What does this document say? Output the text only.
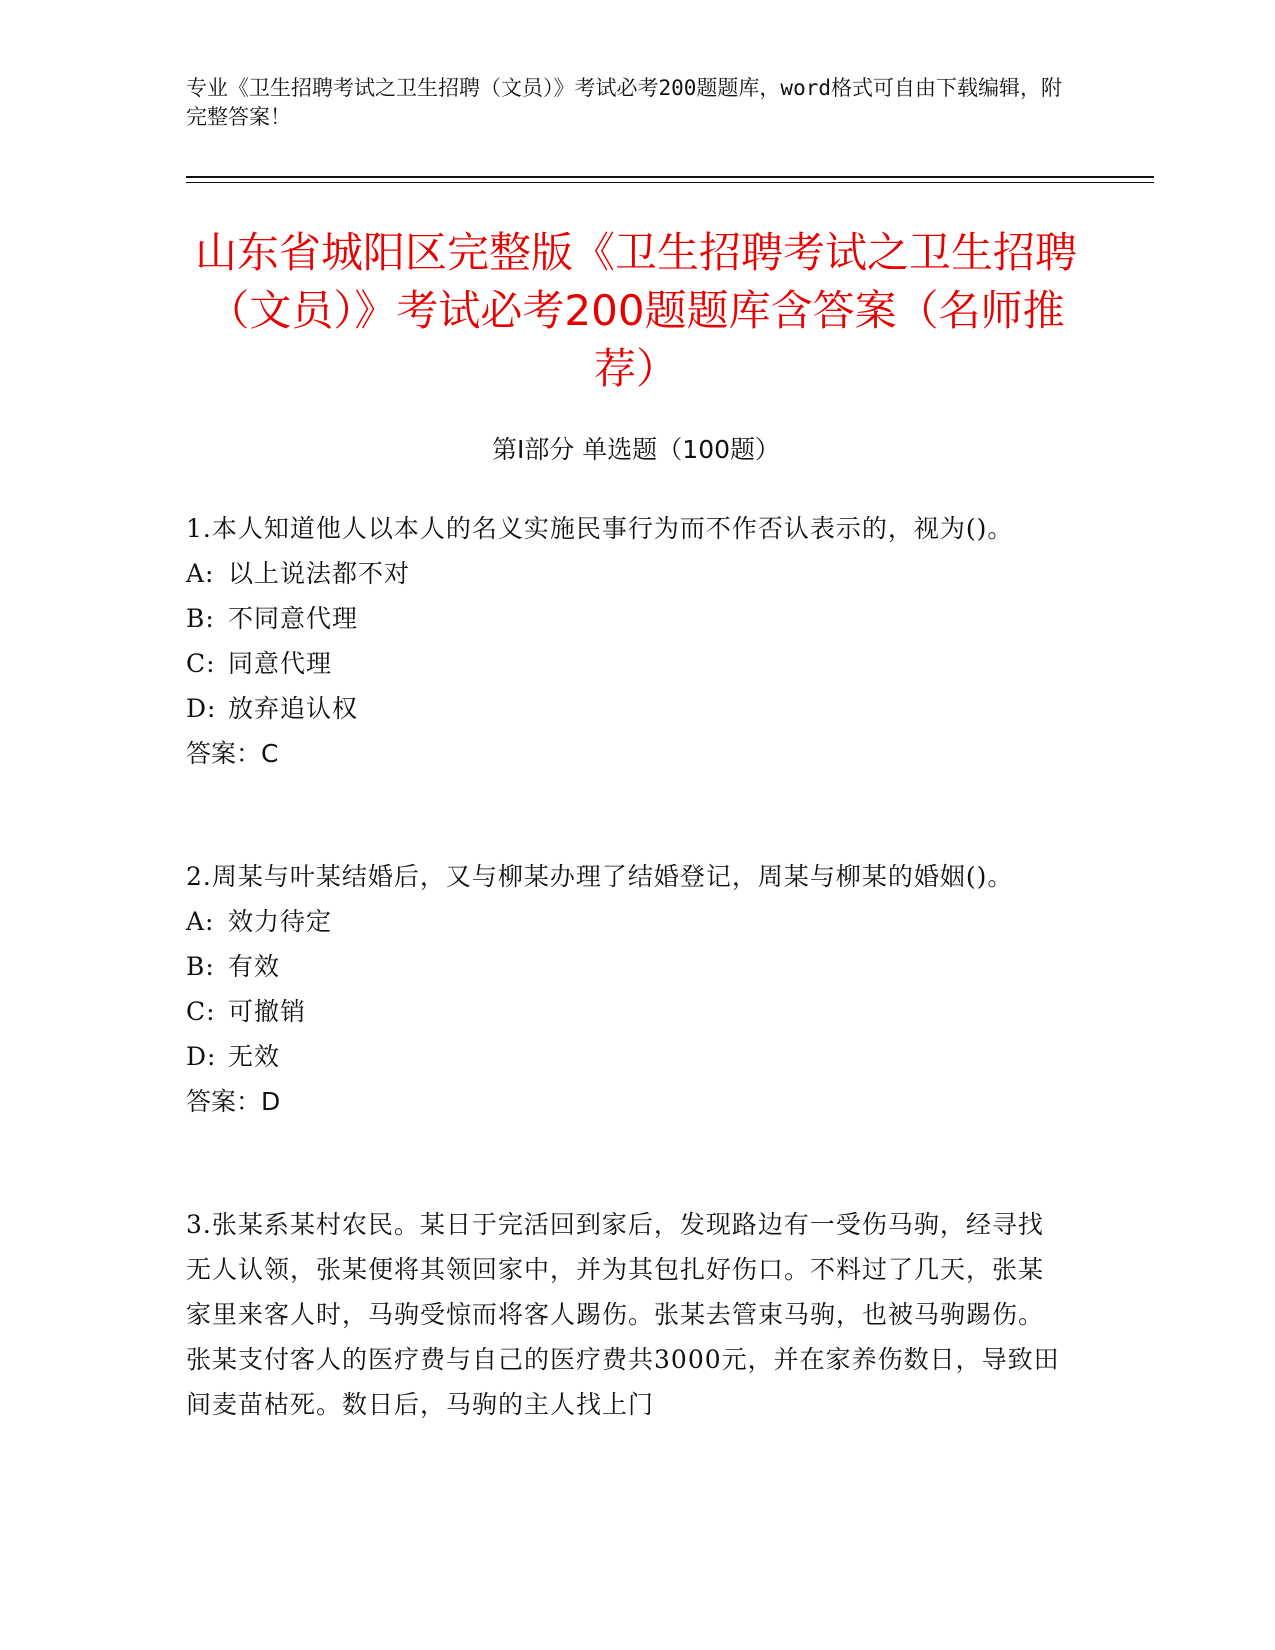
专业《卫生招聘考试之卫生招聘（文员）》考试必考200题题库，word格式可自由下载编辑，附完整答案！
山东省城阳区完整版《卫生招聘考试之卫生招聘（文员）》考试必考200题题库含答案（名师推荐）
第Ⅰ部分 单选题（100题）
1.本人知道他人以本人的名义实施民事行为而不作否认表示的，视为()。
A: 以上说法都不对
B: 不同意代理
C: 同意代理
D: 放弃追认权
答案：C
2.周某与叶某结婚后，又与柳某办理了结婚登记，周某与柳某的婚姻()。
A: 效力待定
B: 有效
C: 可撤销
D: 无效
答案：D
3.张某系某村农民。某日于完活回到家后，发现路边有一受伤马驹，经寻找无人认领，张某便将其领回家中，并为其包扎好伤口。不料过了几天，张某家里来客人时，马驹受惊而将客人踢伤。张某去管束马驹，也被马驹踢伤。张某支付客人的医疗费与自己的医疗费共3000元，并在家养伤数日，导致田间麦苗枯死。数日后，马驹的主人找上门
